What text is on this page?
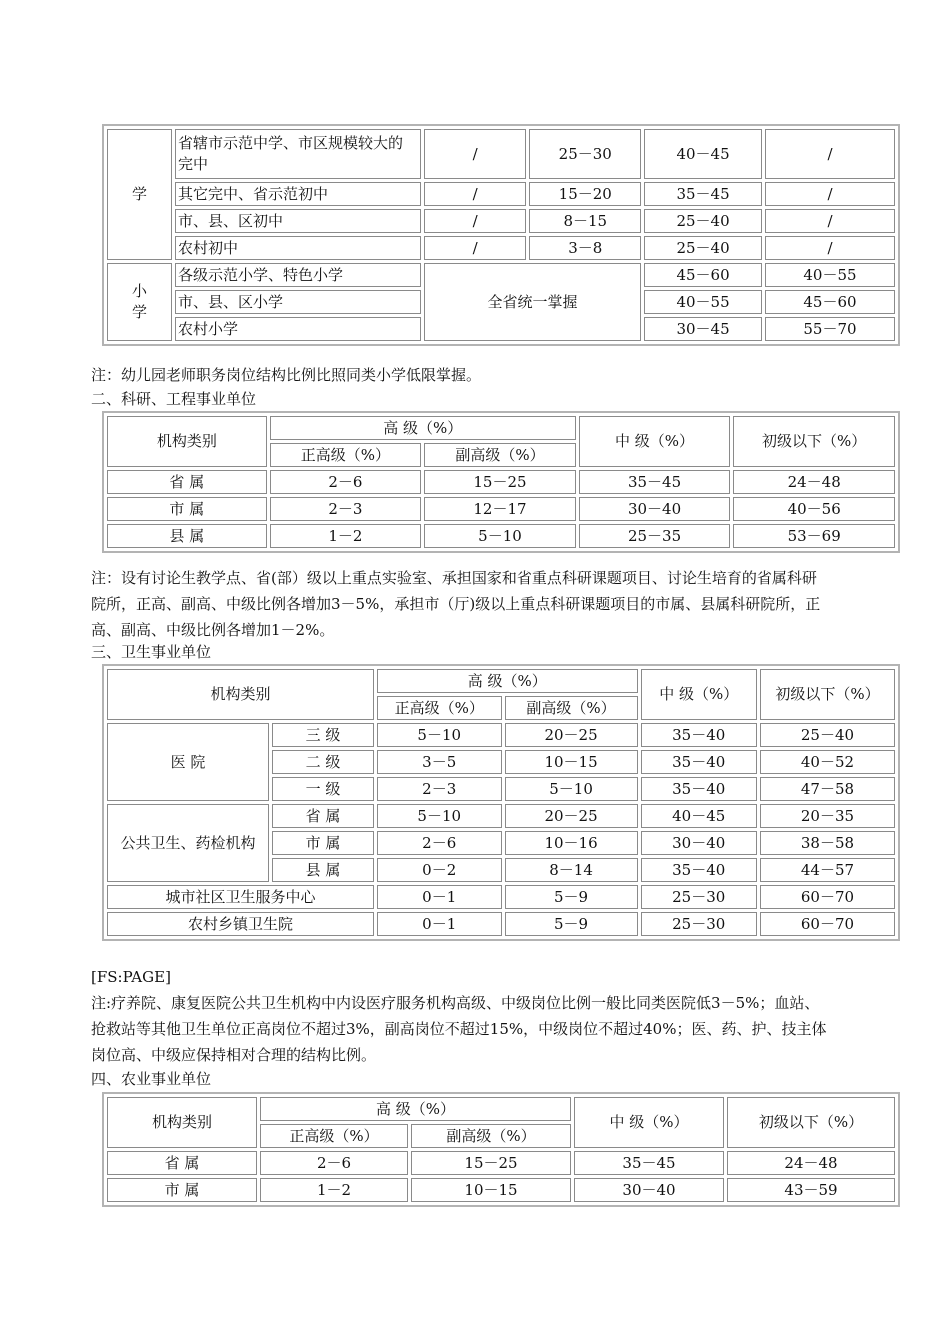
学	省辖市示范中学、市区规模较大的完中	/	25－30	40－45	/
	其它完中、省示范初中	/	15－20	35－45	/
	市、县、区初中	/	8－15	25－40	/
	农村初中	/	3－8	25－40	/
小
学	各级示范小学、特色小学	全省统一掌握		45－60	40－55
	市、县、区小学			40－55	45－60
	农村小学			30－45	55－70
注：幼儿园老师职务岗位结构比例比照同类小学低限掌握。
二、科研、工程事业单位
机构类别	高 级（%）		中 级（%）	初级以下（%）
	正高级（%）	副高级（%）		
省 属	2－6	15－25	35－45	24－48
市 属	2－3	12－17	30－40	40－56
县 属	1－2	5－10	25－35	53－69
注：设有讨论生教学点、省(部）级以上重点实验室、承担国家和省重点科研课题项目、讨论生培育的省属科研
院所，正高、副高、中级比例各增加3－5%，承担市（厅)级以上重点科研课题项目的市属、县属科研院所，正
高、副高、中级比例各增加1－2%。
三、卫生事业单位
机构类别		高 级（%）		中 级（%）	初级以下（%）
		正高级（%）	副高级（%）		
医 院	三 级	5－10	20－25	35－40	25－40
	二 级	3－5	10－15	35－40	40－52
	一 级	2－3	5－10	35－40	47－58
公共卫生、药检机构	省 属	5－10	20－25	40－45	20－35
	市 属	2－6	10－16	30－40	38－58
	县 属	0－2	8－14	35－40	44－57
城市社区卫生服务中心		0－1	5－9	25－30	60－70
农村乡镇卫生院		0－1	5－9	25－30	60－70
[FS:PAGE]
注:疗养院、康复医院公共卫生机构中内设医疗服务机构高级、中级岗位比例一般比同类医院低3－5%；血站、
抢救站等其他卫生单位正高岗位不超过3%，副高岗位不超过15%，中级岗位不超过40%；医、药、护、技主体
岗位高、中级应保持相对合理的结构比例。
四、农业事业单位
机构类别	高 级（%）		中 级（%）	初级以下（%）
	正高级（%）	副高级（%）		
省 属	2－6	15－25	35－45	24－48
市 属	1－2	10－15	30－40	43－59
